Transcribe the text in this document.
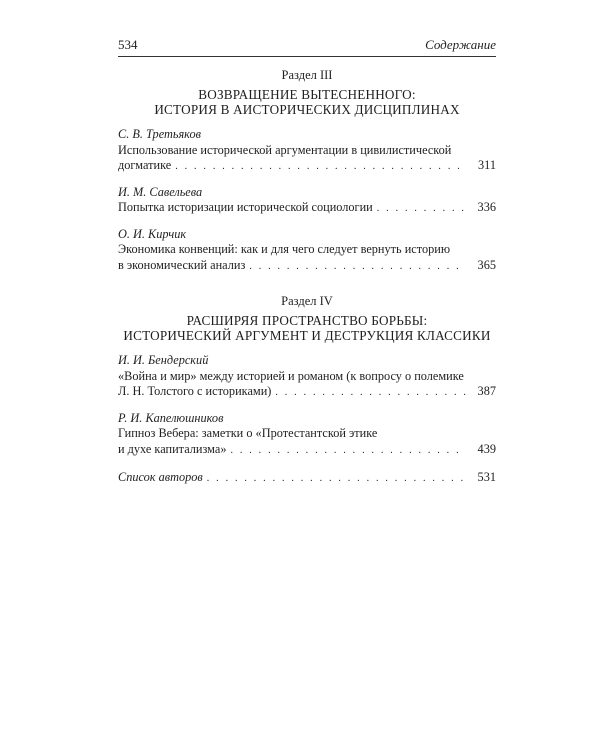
534	Содержание
Раздел III
ВОЗВРАЩЕНИЕ ВЫТЕСНЕННОГО:
ИСТОРИЯ В АИСТОРИЧЕСКИХ ДИСЦИПЛИНАХ
С. В. Третьяков
Использование исторической аргументации в цивилистической
догматике . . .	311
И. М. Савельева
Попытка историзации исторической социологии . . .	336
О. И. Кирчик
Экономика конвенций: как и для чего следует вернуть историю
в экономический анализ . . .	365
Раздел IV
РАСШИРЯЯ ПРОСТРАНСТВО БОРЬБЫ:
ИСТОРИЧЕСКИЙ АРГУМЕНТ И ДЕСТРУКЦИЯ КЛАССИКИ
И. И. Бендерский
«Война и мир» между историей и романом (к вопросу о полемике
Л. Н. Толстого с историками) . . .	387
Р. И. Капелюшников
Гипноз Вебера: заметки о «Протестантской этике
и духе капитализма» . . .	439
Список авторов . . .	531
